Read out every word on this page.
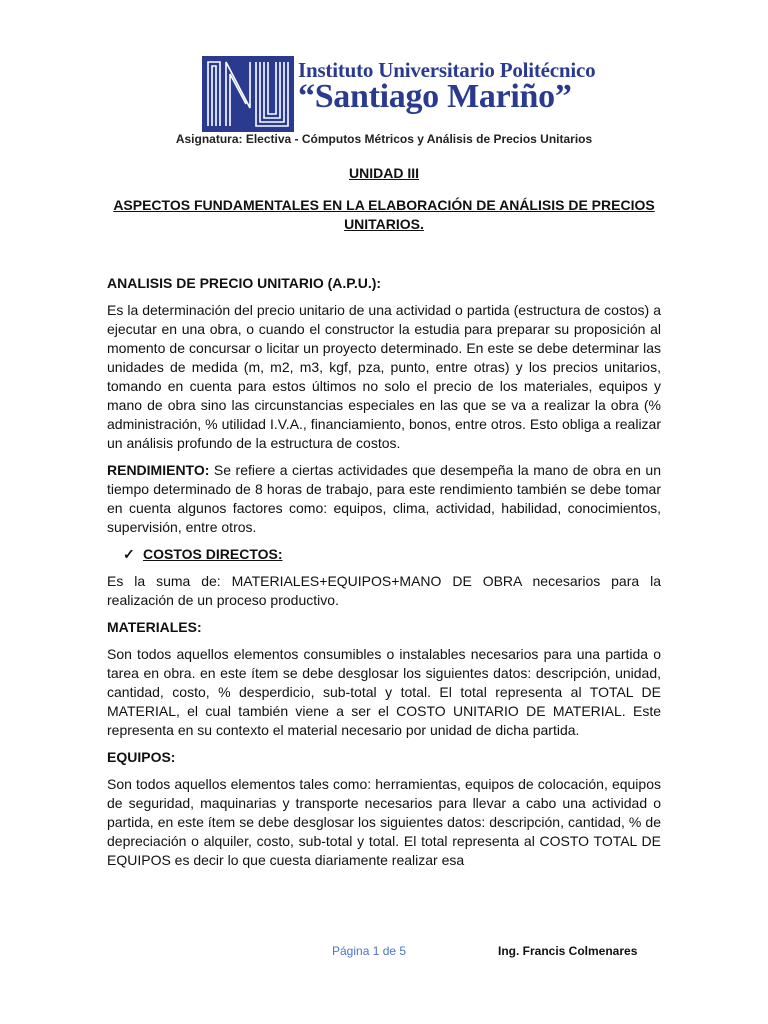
Instituto Universitario Politécnico
“Santiago Mariño”
Asignatura: Electiva - Cómputos Métricos y Análisis de Precios Unitarios
UNIDAD III
ASPECTOS FUNDAMENTALES EN LA ELABORACIÓN DE ANÁLISIS DE PRECIOS UNITARIOS.
ANALISIS DE PRECIO UNITARIO (A.P.U.):

Es la determinación del precio unitario de una actividad o partida (estructura de costos) a ejecutar en una obra, o cuando el constructor la estudia para preparar su proposición al momento de concursar o licitar un proyecto determinado. En este se debe determinar las unidades de medida (m, m2, m3, kgf, pza, punto, entre otras) y los precios unitarios, tomando en cuenta para estos últimos no solo el precio de los materiales, equipos y mano de obra sino las circunstancias especiales en las que se va a realizar la obra (% administración, % utilidad I.V.A., financiamiento, bonos, entre otros. Esto obliga a realizar un análisis profundo de la estructura de costos.

RENDIMIENTO: Se refiere a ciertas actividades que desempeña la mano de obra en un tiempo determinado de 8 horas de trabajo, para este rendimiento también se debe tomar en cuenta algunos factores como: equipos, clima, actividad, habilidad, conocimientos, supervisión, entre otros.

✓ COSTOS DIRECTOS:

Es la suma de: MATERIALES+EQUIPOS+MANO DE OBRA necesarios para la realización de un proceso productivo.

MATERIALES:

Son todos aquellos elementos consumibles o instalables necesarios para una partida o tarea en obra. en este ítem se debe desglosar los siguientes datos: descripción, unidad, cantidad, costo, % desperdicio, sub-total y total. El total representa al TOTAL DE MATERIAL, el cual también viene a ser el COSTO UNITARIO DE MATERIAL. Este representa en su contexto el material necesario por unidad de dicha partida.

EQUIPOS:

Son todos aquellos elementos tales como: herramientas, equipos de colocación, equipos de seguridad, maquinarias y transporte necesarios para llevar a cabo una actividad o partida, en este ítem se debe desglosar los siguientes datos: descripción, cantidad, % de depreciación o alquiler, costo, sub-total y total. El total representa al COSTO TOTAL DE EQUIPOS es decir lo que cuesta diariamente realizar esa

Página 1 de 5	Ing. Francis Colmenares
